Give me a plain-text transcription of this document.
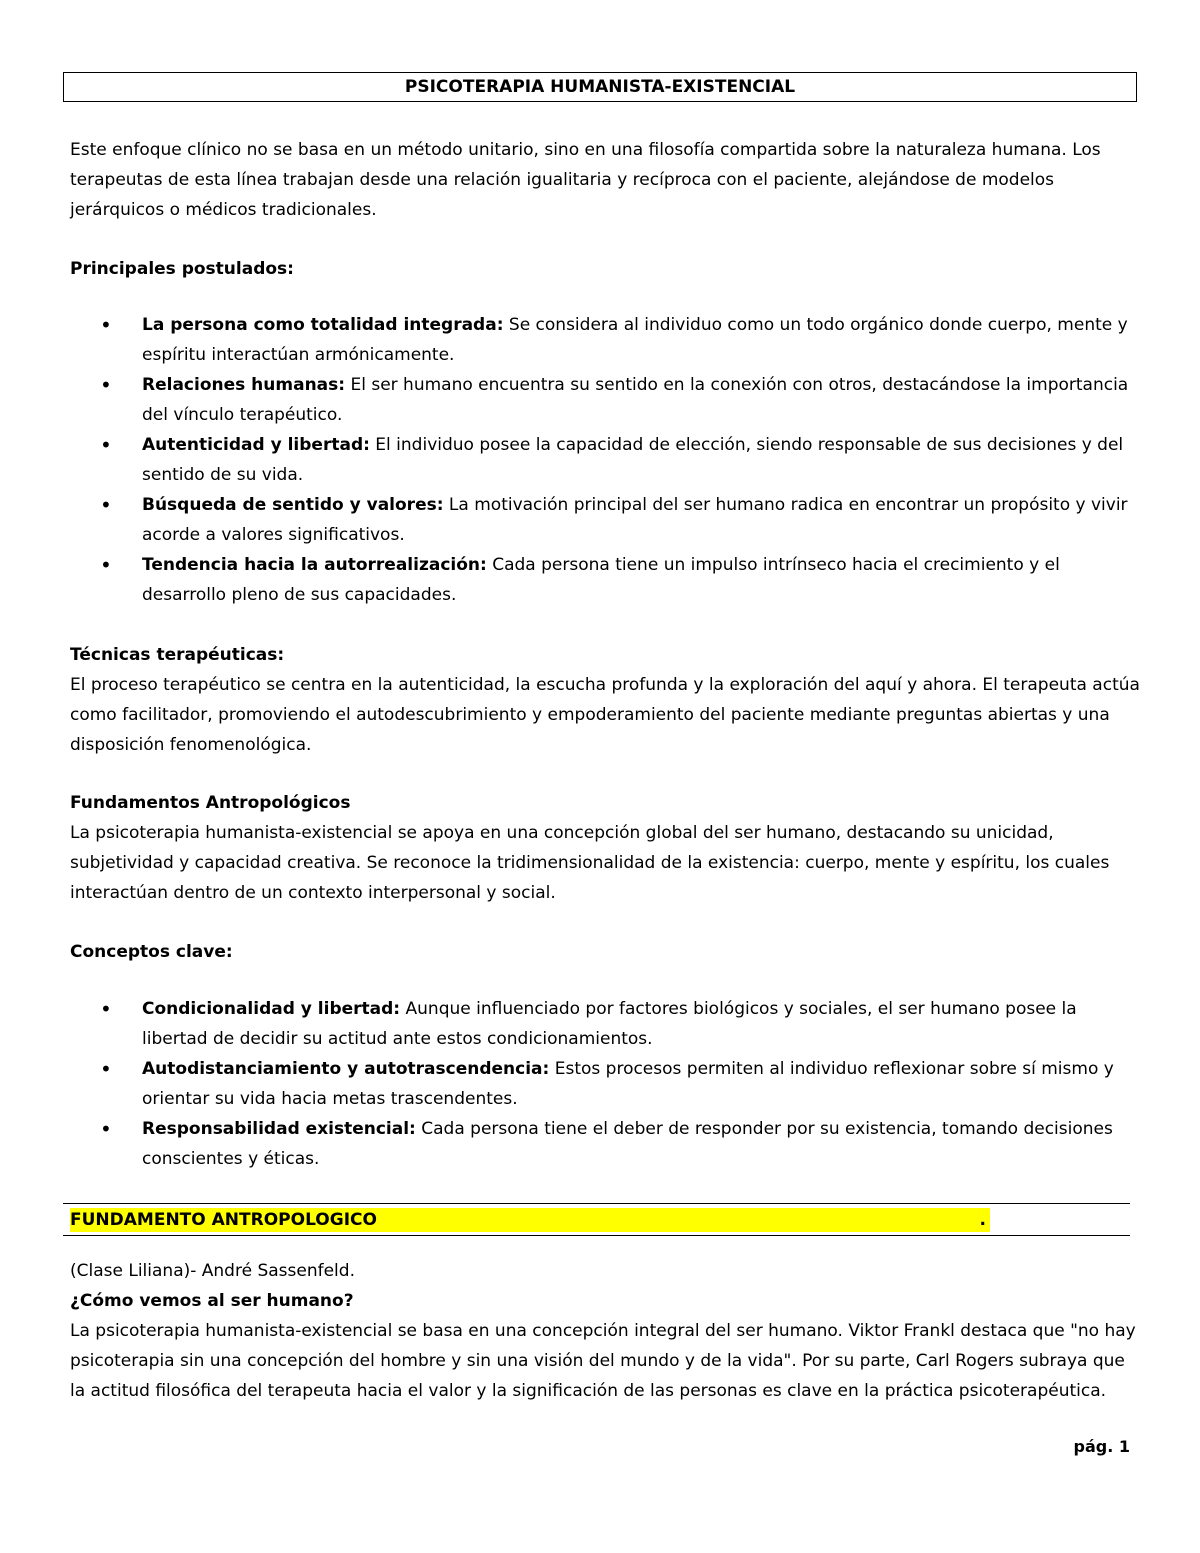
PSICOTERAPIA HUMANISTA-EXISTENCIAL

Este enfoque clínico no se basa en un método unitario, sino en una filosofía compartida sobre la naturaleza humana. Los terapeutas de esta línea trabajan desde una relación igualitaria y recíproca con el paciente, alejándose de modelos jerárquicos o médicos tradicionales.

Principales postulados:

• La persona como totalidad integrada: Se considera al individuo como un todo orgánico donde cuerpo, mente y espíritu interactúan armónicamente.
• Relaciones humanas: El ser humano encuentra su sentido en la conexión con otros, destacándose la importancia del vínculo terapéutico.
• Autenticidad y libertad: El individuo posee la capacidad de elección, siendo responsable de sus decisiones y del sentido de su vida.
• Búsqueda de sentido y valores: La motivación principal del ser humano radica en encontrar un propósito y vivir acorde a valores significativos.
• Tendencia hacia la autorrealización: Cada persona tiene un impulso intrínseco hacia el crecimiento y el desarrollo pleno de sus capacidades.

Técnicas terapéuticas:

El proceso terapéutico se centra en la autenticidad, la escucha profunda y la exploración del aquí y ahora. El terapeuta actúa como facilitador, promoviendo el autodescubrimiento y empoderamiento del paciente mediante preguntas abiertas y una disposición fenomenológica.

Fundamentos Antropológicos

La psicoterapia humanista-existencial se apoya en una concepción global del ser humano, destacando su unicidad, subjetividad y capacidad creativa. Se reconoce la tridimensionalidad de la existencia: cuerpo, mente y espíritu, los cuales interactúan dentro de un contexto interpersonal y social.

Conceptos clave:

• Condicionalidad y libertad: Aunque influenciado por factores biológicos y sociales, el ser humano posee la libertad de decidir su actitud ante estos condicionamientos.
• Autodistanciamiento y autotrascendencia: Estos procesos permiten al individuo reflexionar sobre sí mismo y orientar su vida hacia metas trascendentes.
• Responsabilidad existencial: Cada persona tiene el deber de responder por su existencia, tomando decisiones conscientes y éticas.
FUNDAMENTO ANTROPOLOGICO	.

(Clase Liliana)- André Sassenfeld.

¿Cómo vemos al ser humano?

La psicoterapia humanista-existencial se basa en una concepción integral del ser humano. Viktor Frankl destaca que "no hay psicoterapia sin una concepción del hombre y sin una visión del mundo y de la vida". Por su parte, Carl Rogers subraya que la actitud filosófica del terapeuta hacia el valor y la significación de las personas es clave en la práctica psicoterapéutica.

pág. 1
